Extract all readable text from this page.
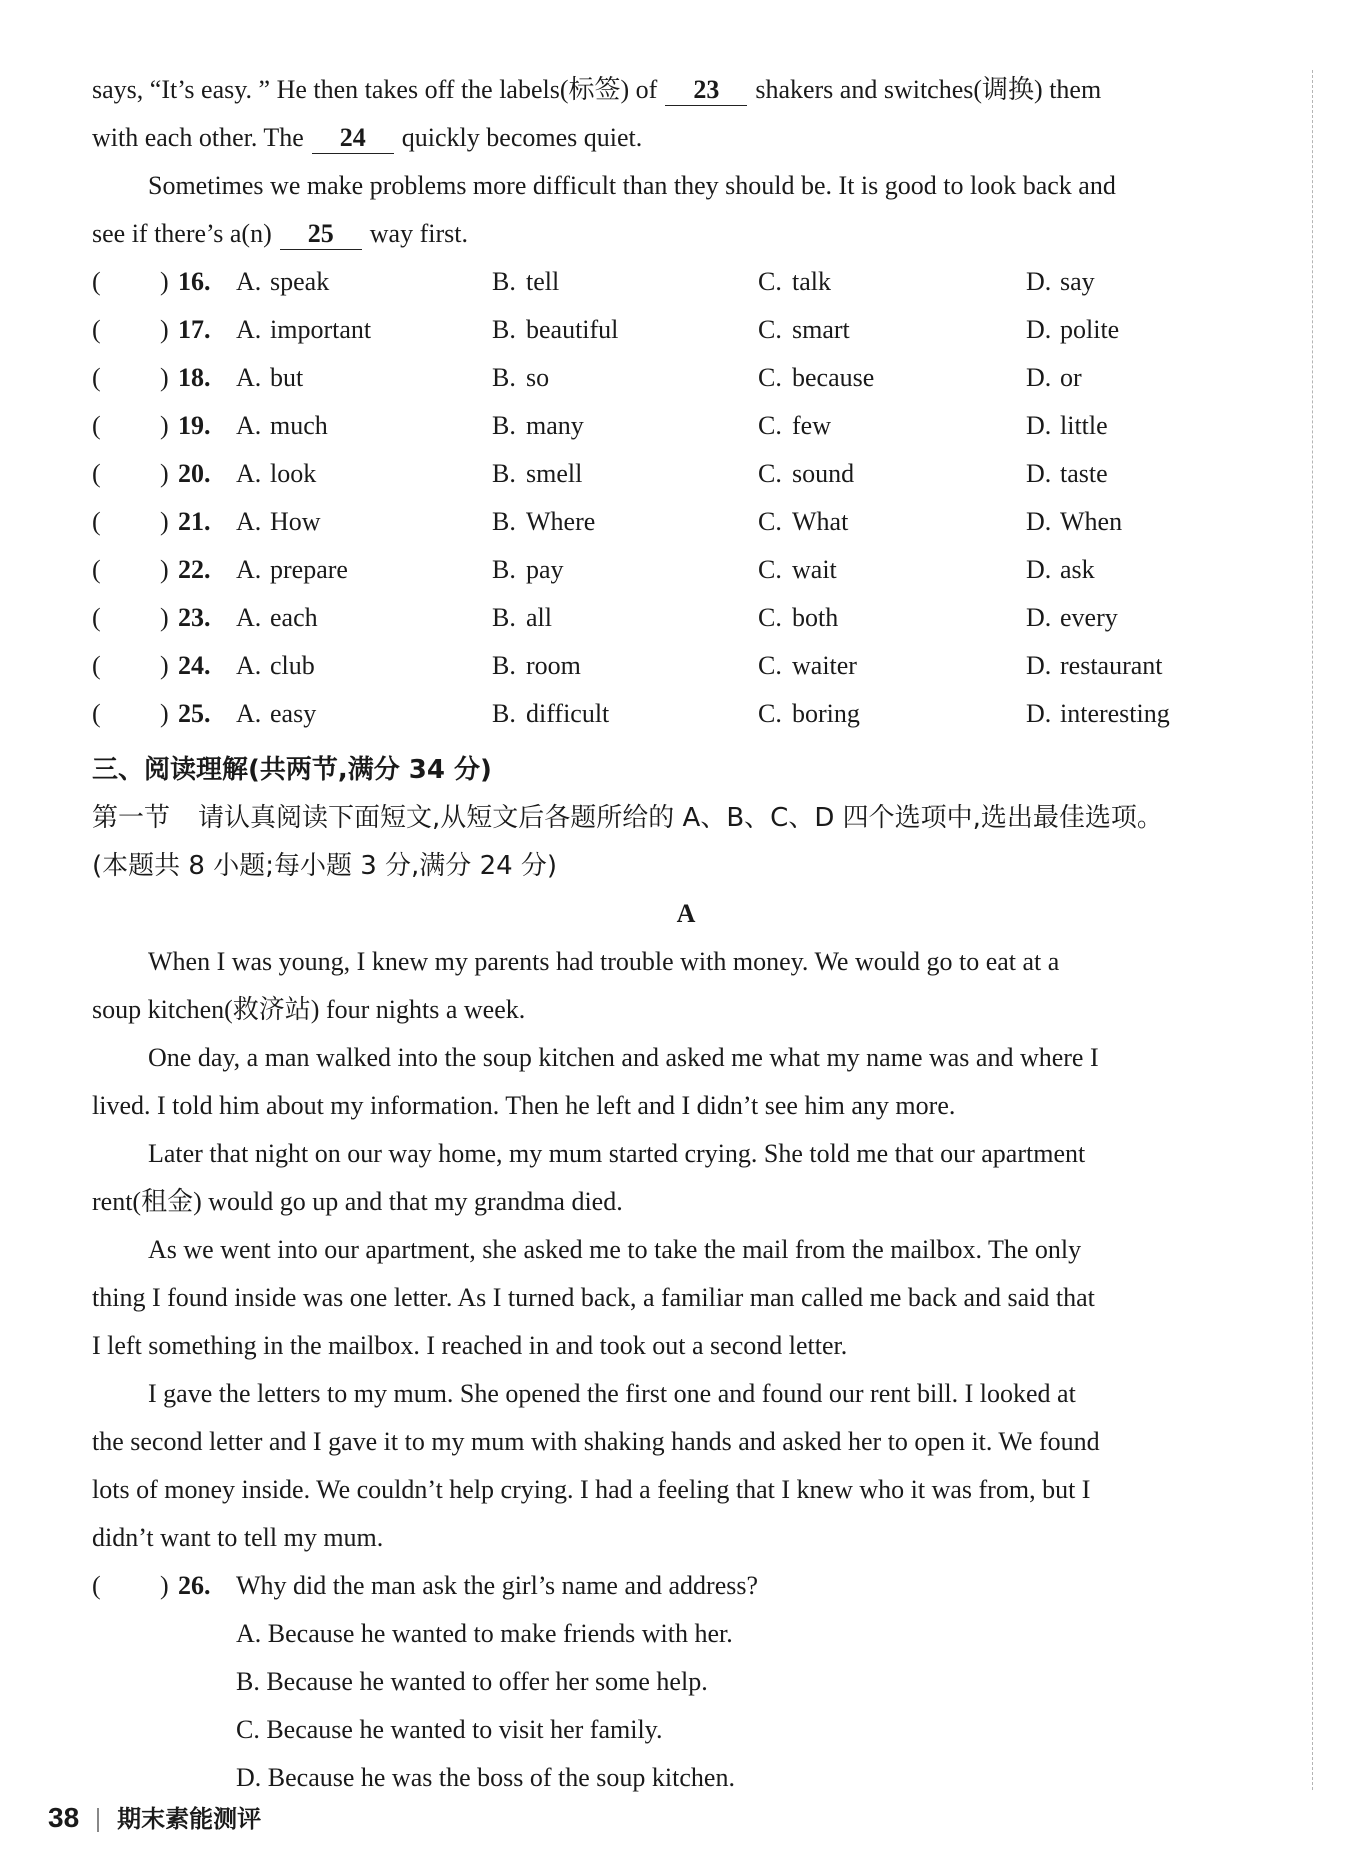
says, “It’s easy. ” He then takes off the labels(标签) of 23 shakers and switches(调换) them
with each other. The 24 quickly becomes quiet.
Sometimes we make problems more difficult than they should be. It is good to look back and
see if there’s a(n) 25 way first.
( ) 16. A. speak	B. tell	C. talk	D. say
( ) 17. A. important	B. beautiful	C. smart	D. polite
( ) 18. A. but	B. so	C. because	D. or
( ) 19. A. much	B. many	C. few	D. little
( ) 20. A. look	B. smell	C. sound	D. taste
( ) 21. A. How	B. Where	C. What	D. When
( ) 22. A. prepare	B. pay	C. wait	D. ask
( ) 23. A. each	B. all	C. both	D. every
( ) 24. A. club	B. room	C. waiter	D. restaurant
( ) 25. A. easy	B. difficult	C. boring	D. interesting
三、阅读理解(共两节,满分 34 分)
第一节 请认真阅读下面短文,从短文后各题所给的 A、B、C、D 四个选项中,选出最佳选项。
(本题共 8 小题;每小题 3 分,满分 24 分)
A
When I was young, I knew my parents had trouble with money. We would go to eat at a
soup kitchen(救济站) four nights a week.
One day, a man walked into the soup kitchen and asked me what my name was and where I
lived. I told him about my information. Then he left and I didn’t see him any more.
Later that night on our way home, my mum started crying. She told me that our apartment
rent(租金) would go up and that my grandma died.
As we went into our apartment, she asked me to take the mail from the mailbox. The only
thing I found inside was one letter. As I turned back, a familiar man called me back and said that
I left something in the mailbox. I reached in and took out a second letter.
I gave the letters to my mum. She opened the first one and found our rent bill. I looked at
the second letter and I gave it to my mum with shaking hands and asked her to open it. We found
lots of money inside. We couldn’t help crying. I had a feeling that I knew who it was from, but I
didn’t want to tell my mum.
( ) 26. Why did the man ask the girl’s name and address?
A. Because he wanted to make friends with her.
B. Because he wanted to offer her some help.
C. Because he wanted to visit her family.
D. Because he was the boss of the soup kitchen.
38 期末素能测评
